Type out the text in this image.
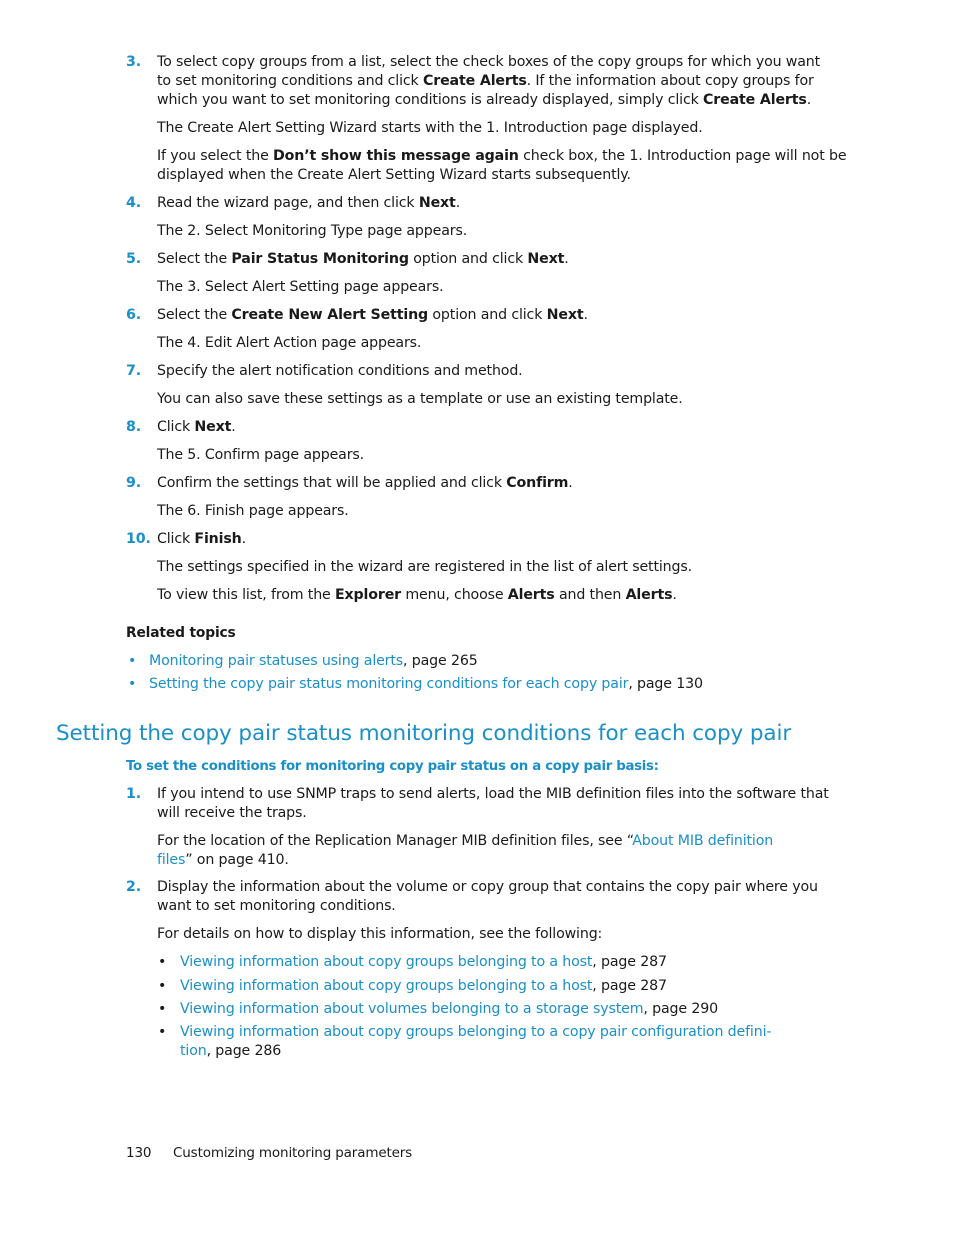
3. To select copy groups from a list, select the check boxes of the copy groups for which you want
to set monitoring conditions and click Create Alerts. If the information about copy groups for
which you want to set monitoring conditions is already displayed, simply click Create Alerts.
The Create Alert Setting Wizard starts with the 1. Introduction page displayed.
If you select the Don’t show this message again check box, the 1. Introduction page will not be
displayed when the Create Alert Setting Wizard starts subsequently.
4. Read the wizard page, and then click Next.
The 2. Select Monitoring Type page appears.
5. Select the Pair Status Monitoring option and click Next.
The 3. Select Alert Setting page appears.
6. Select the Create New Alert Setting option and click Next.
The 4. Edit Alert Action page appears.
7. Specify the alert notification conditions and method.
You can also save these settings as a template or use an existing template.
8. Click Next.
The 5. Confirm page appears.
9. Confirm the settings that will be applied and click Confirm.
The 6. Finish page appears.
10. Click Finish.
The settings specified in the wizard are registered in the list of alert settings.
To view this list, from the Explorer menu, choose Alerts and then Alerts.
Related topics
• Monitoring pair statuses using alerts, page 265
• Setting the copy pair status monitoring conditions for each copy pair, page 130
Setting the copy pair status monitoring conditions for each copy pair
To set the conditions for monitoring copy pair status on a copy pair basis:
1. If you intend to use SNMP traps to send alerts, load the MIB definition files into the software that
will receive the traps.
For the location of the Replication Manager MIB definition files, see “About MIB definition
files” on page 410.
2. Display the information about the volume or copy group that contains the copy pair where you
want to set monitoring conditions.
For details on how to display this information, see the following:
• Viewing information about copy groups belonging to a host, page 287
• Viewing information about copy groups belonging to a host, page 287
• Viewing information about volumes belonging to a storage system, page 290
• Viewing information about copy groups belonging to a copy pair configuration defini-
tion, page 286
130 Customizing monitoring parameters
